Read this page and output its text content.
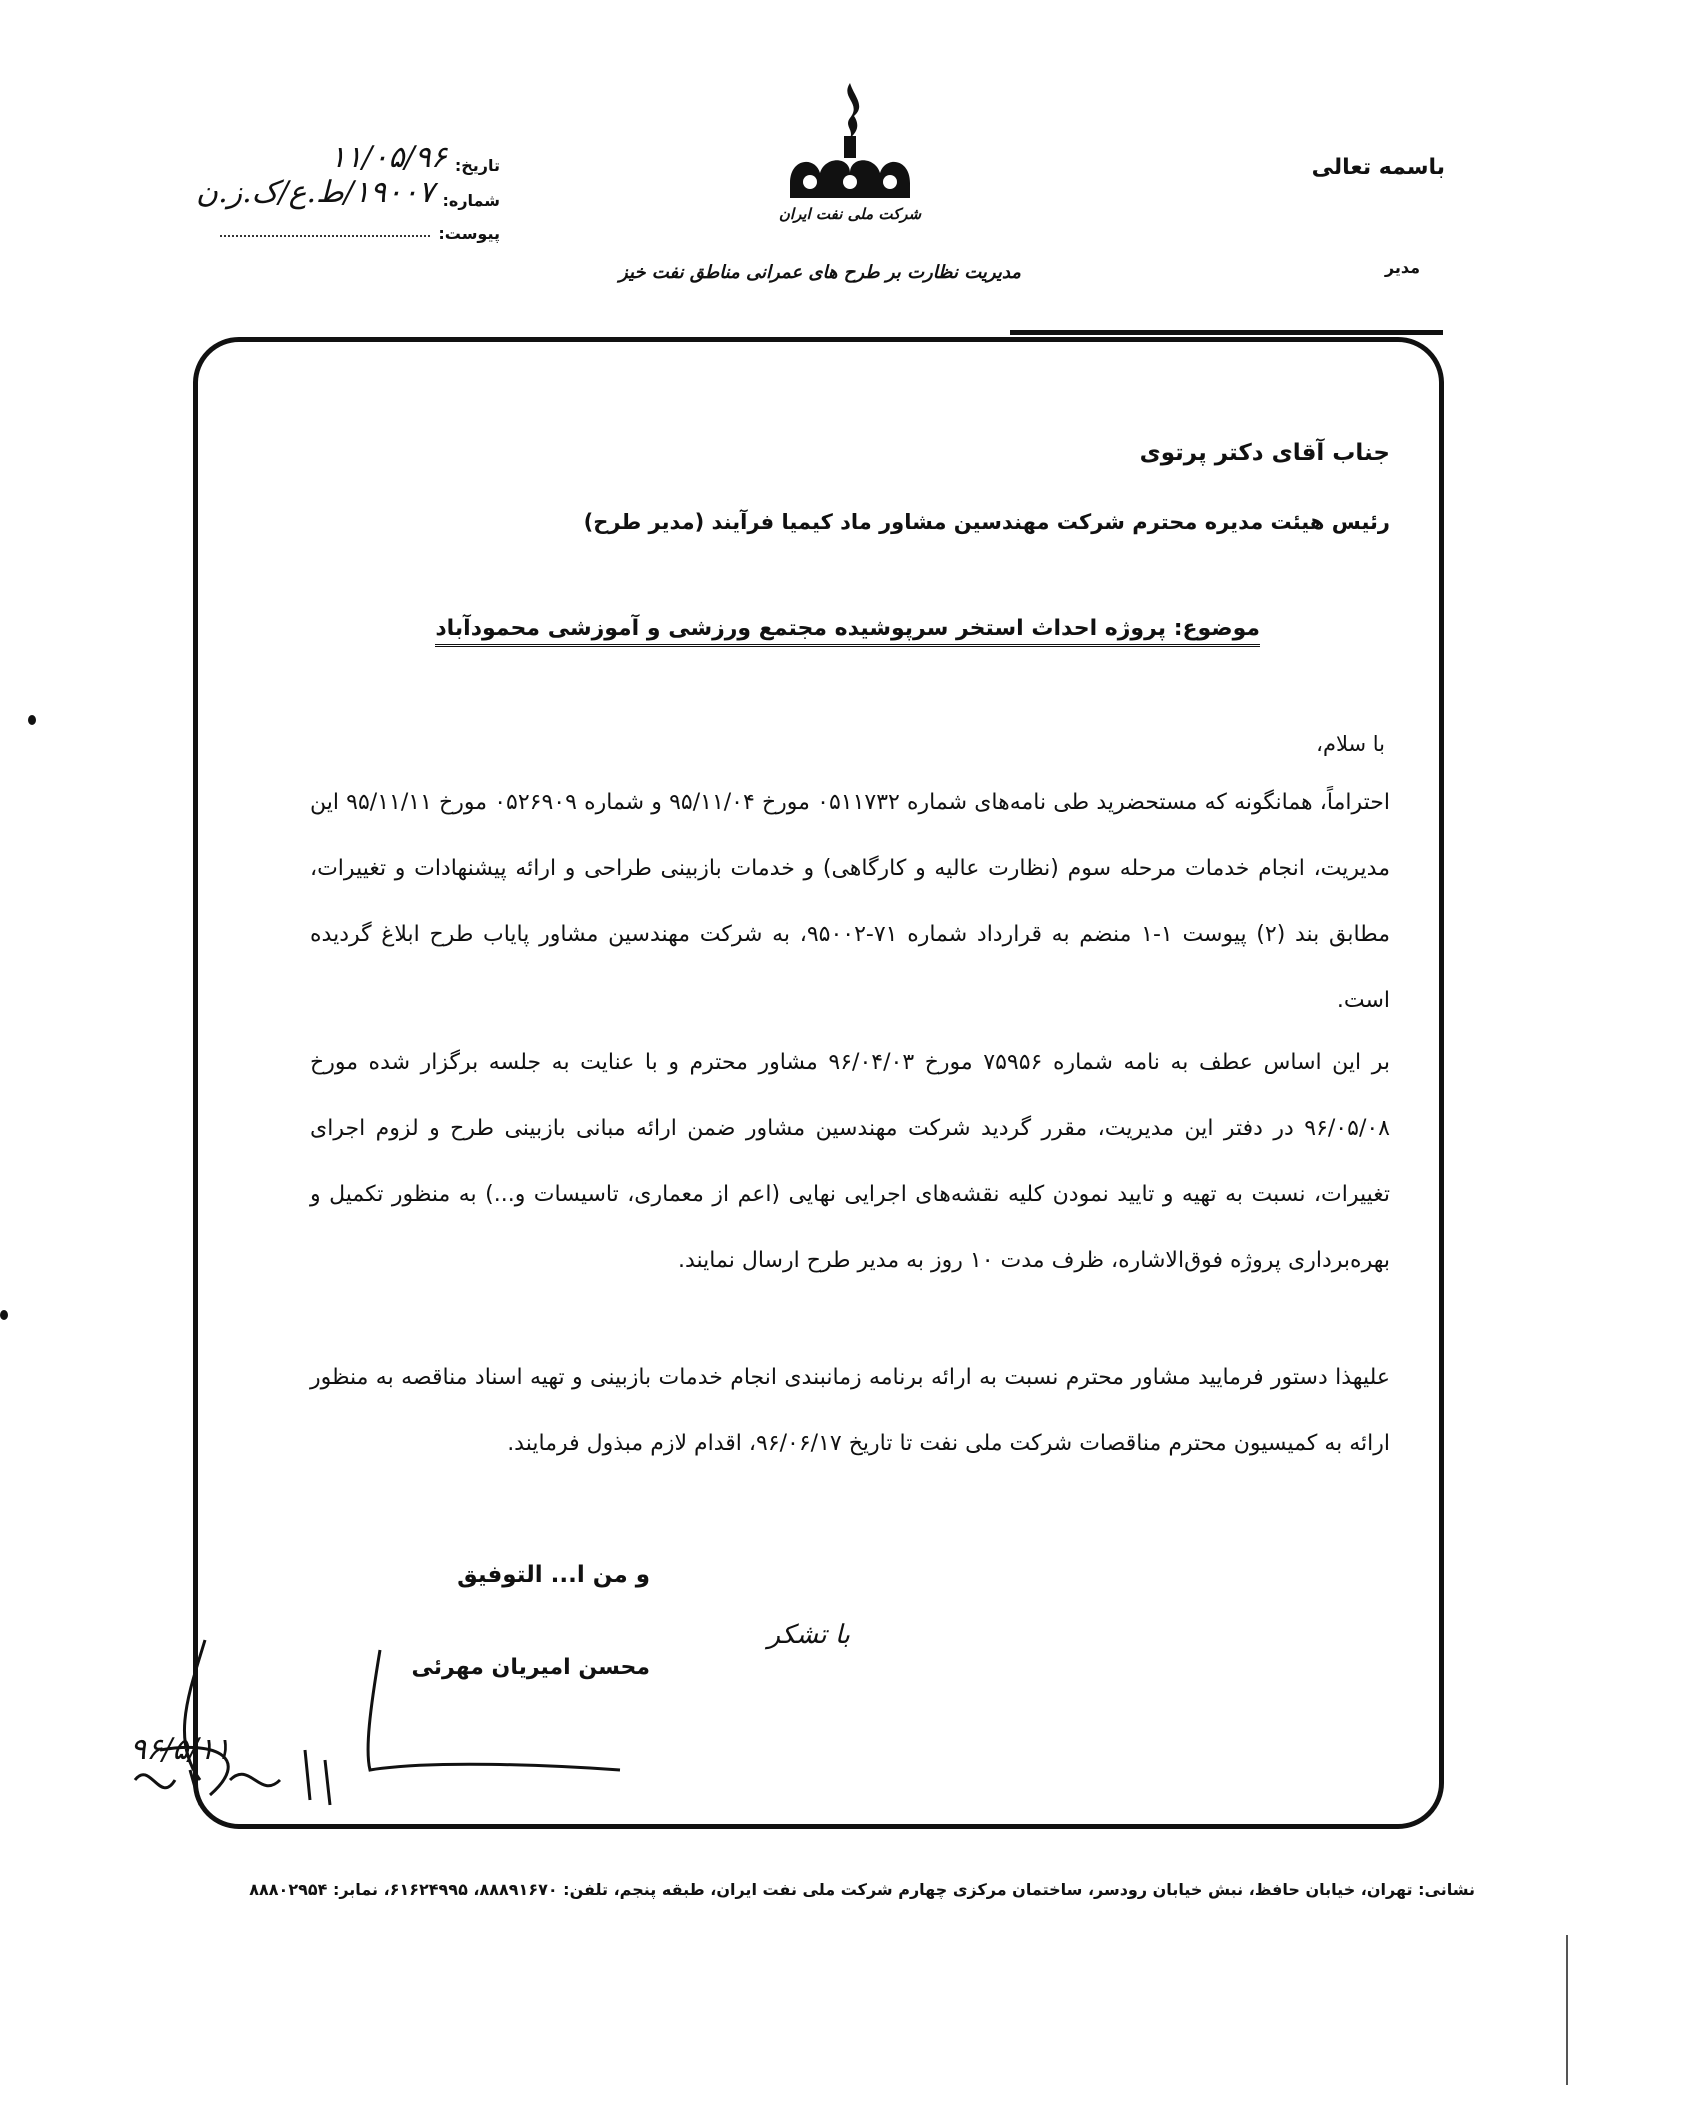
باسمه تعالی
مدیر
تاریخ:
۱۱/۰۵/۹۶
شماره:
۱۹۰۰۷/ط.ع/ک.ز.ن
پیوست:
شرکت ملی نفت ایران
مدیریت نظارت بر طرح های عمرانی مناطق نفت خیز
جناب آقای دکتر پرتوی
رئیس هیئت مدیره محترم شرکت مهندسین مشاور ماد کیمیا فرآیند (مدیر طرح)
موضوع: پروژه احداث استخر سرپوشیده مجتمع ورزشی و آموزشی محمودآباد
با سلام،
احتراماً، همانگونه که مستحضرید طی نامه‌های شماره ۰۵۱۱۷۳۲ مورخ ۹۵/۱۱/۰۴ و شماره ۰۵۲۶۹۰۹ مورخ ۹۵/۱۱/۱۱ این مدیریت، انجام خدمات مرحله سوم (نظارت عالیه و کارگاهی) و خدمات بازبینی طراحی و ارائه پیشنهادات و تغییرات، مطابق بند (۲) پیوست ۱-۱ منضم به قرارداد شماره ۷۱-۹۵۰۰۲، به شرکت مهندسین مشاور پایاب طرح ابلاغ گردیده است.
بر این اساس عطف به نامه شماره ۷۵۹۵۶ مورخ ۹۶/۰۴/۰۳ مشاور محترم و با عنایت به جلسه برگزار شده مورخ ۹۶/۰۵/۰۸ در دفتر این مدیریت، مقرر گردید شرکت مهندسین مشاور ضمن ارائه مبانی بازبینی طرح و لزوم اجرای تغییرات، نسبت به تهیه و تایید نمودن کلیه نقشه‌های اجرایی نهایی (اعم از معماری، تاسیسات و...) به منظور تکمیل و بهره‌برداری پروژه فوق‌الاشاره، ظرف مدت ۱۰ روز به مدیر طرح ارسال نمایند.
علیهذا دستور فرمایید مشاور محترم نسبت به ارائه برنامه زمانبندی انجام خدمات بازبینی و تهیه اسناد مناقصه به منظور ارائه به کمیسیون محترم مناقصات شرکت ملی نفت تا تاریخ ۹۶/۰۶/۱۷، اقدام لازم مبذول فرمایند.
و من ا... التوفیق
با تشکر
محسن امیریان مهرئی
۹۶/۵/۱۱
نشانی: تهران، خیابان حافظ، نبش خیابان رودسر، ساختمان مرکزی چهارم شرکت ملی نفت ایران، طبقه پنجم، تلفن: ۸۸۸۹۱۶۷۰، ۶۱۶۲۴۹۹۵، نمابر: ۸۸۸۰۲۹۵۴
